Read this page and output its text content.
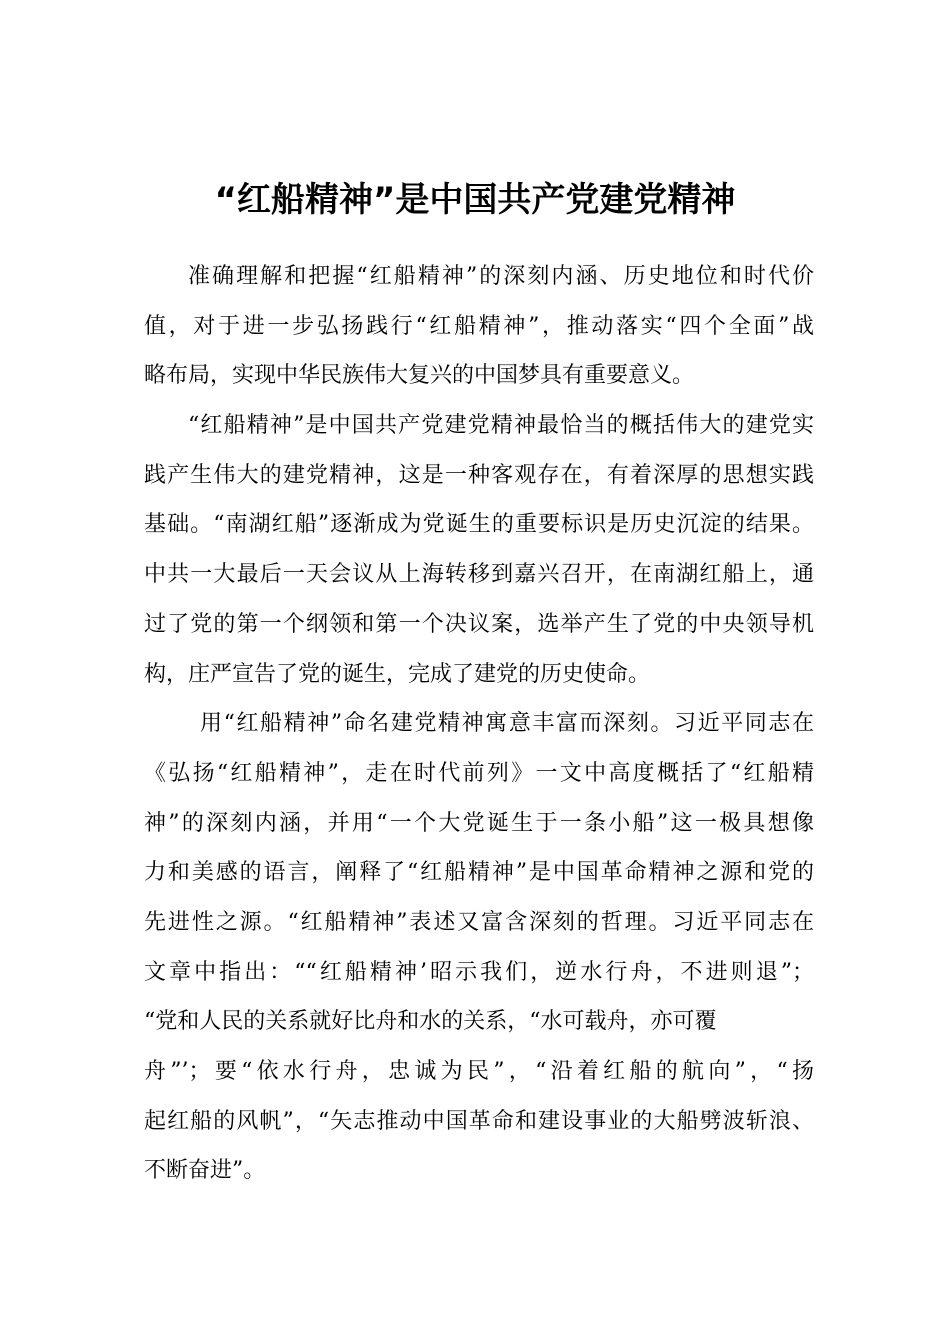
“红船精神”是中国共产党建党精神
准确理解和把握“红船精神”的深刻内涵、历史地位和时代价
值，对于进一步弘扬践行“红船精神”，推动落实“四个全面”战
略布局，实现中华民族伟大复兴的中国梦具有重要意义。
“红船精神”是中国共产党建党精神最恰当的概括伟大的建党实
践产生伟大的建党精神，这是一种客观存在，有着深厚的思想实践
基础。“南湖红船”逐渐成为党诞生的重要标识是历史沉淀的结果。
中共一大最后一天会议从上海转移到嘉兴召开，在南湖红船上，通
过了党的第一个纲领和第一个决议案，选举产生了党的中央领导机
构，庄严宣告了党的诞生，完成了建党的历史使命。
用“红船精神”命名建党精神寓意丰富而深刻。习近平同志在
《弘扬“红船精神”，走在时代前列》一文中高度概括了“红船精
神”的深刻内涵，并用“一个大党诞生于一条小船”这一极具想像
力和美感的语言，阐释了“红船精神”是中国革命精神之源和党的
先进性之源。“红船精神”表述又富含深刻的哲理。习近平同志在
文章中指出：““红船精神’昭示我们，逆水行舟，不进则退”；
“党和人民的关系就好比舟和水的关系，“水可载舟，亦可覆
舟”’；要“依水行舟，忠诚为民”，“沿着红船的航向”，“扬
起红船的风帆”，“矢志推动中国革命和建设事业的大船劈波斩浪、
不断奋进”。
